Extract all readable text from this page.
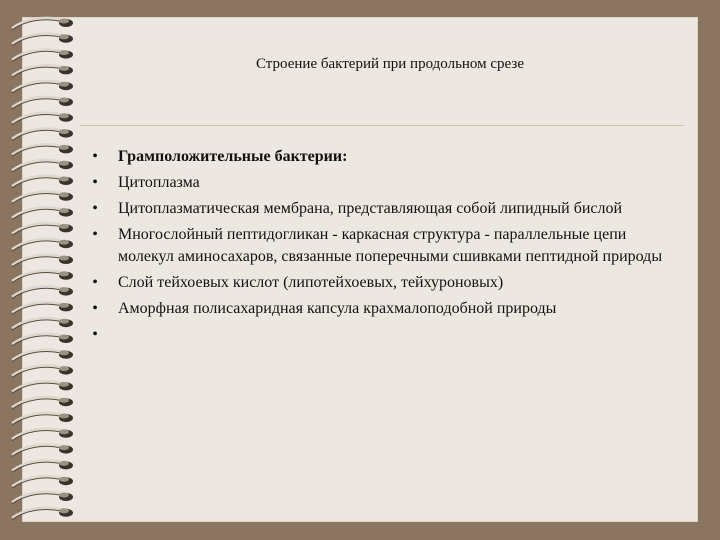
Строение бактерий при продольном срезе
• Грамположительные бактерии:
• Цитоплазма
• Цитоплазматическая мембрана, представляющая собой липидный бислой
• Многослойный пептидогликан - каркасная структура - параллельные цепи молекул аминосахаров, связанные поперечными сшивками пептидной природы
• Слой тейхоевых кислот (липотейхоевых, тейхуроновых)
• Аморфная полисахаридная капсула крахмалоподобной природы
•
